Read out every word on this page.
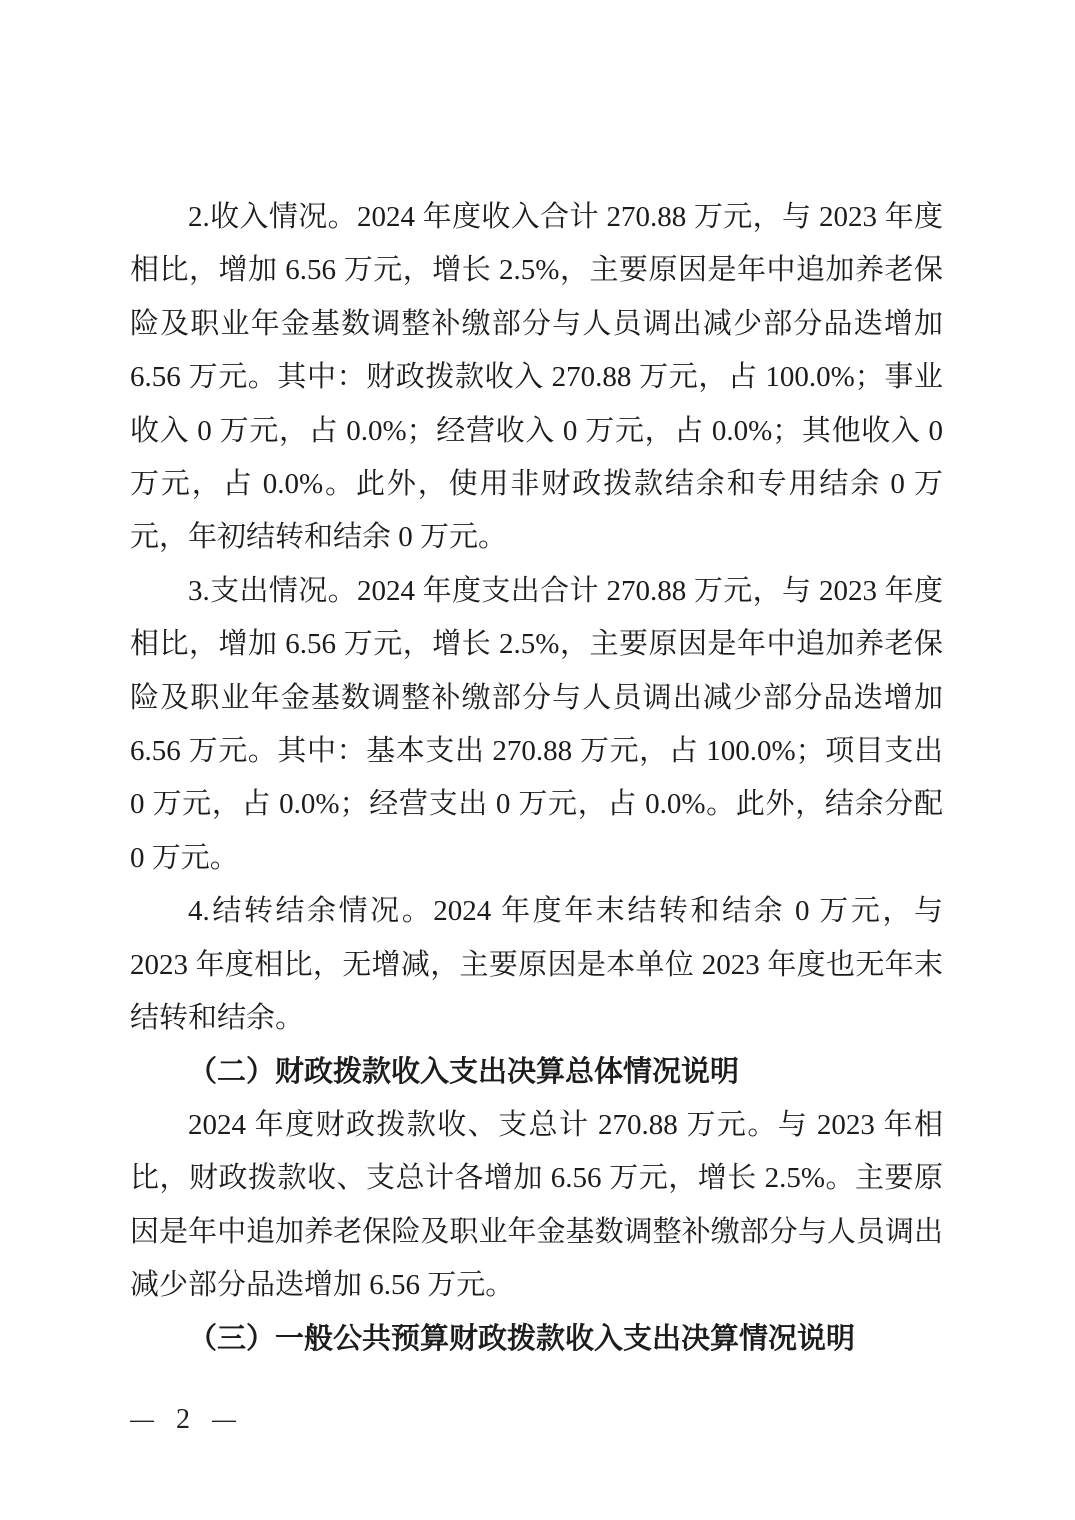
2.收入情况。2024 年度收入合计 270.88 万元，与 2023 年度相比，增加 6.56 万元，增长 2.5%，主要原因是年中追加养老保险及职业年金基数调整补缴部分与人员调出减少部分品迭增加 6.56 万元。其中：财政拨款收入 270.88 万元，占 100.0%；事业收入 0 万元，占 0.0%；经营收入 0 万元，占 0.0%；其他收入 0 万元，占 0.0%。此外，使用非财政拨款结余和专用结余 0 万元，年初结转和结余 0 万元。

3.支出情况。2024 年度支出合计 270.88 万元，与 2023 年度相比，增加 6.56 万元，增长 2.5%，主要原因是年中追加养老保险及职业年金基数调整补缴部分与人员调出减少部分品迭增加 6.56 万元。其中：基本支出 270.88 万元，占 100.0%；项目支出 0 万元，占 0.0%；经营支出 0 万元，占 0.0%。此外，结余分配 0 万元。

4.结转结余情况。2024 年度年末结转和结余 0 万元，与 2023 年度相比，无增减，主要原因是本单位 2023 年度也无年末结转和结余。

（二）财政拨款收入支出决算总体情况说明

2024 年度财政拨款收、支总计 270.88 万元。与 2023 年相比，财政拨款收、支总计各增加 6.56 万元，增长 2.5%。主要原因是年中追加养老保险及职业年金基数调整补缴部分与人员调出减少部分品迭增加 6.56 万元。

（三）一般公共预算财政拨款收入支出决算情况说明

— 2 —
